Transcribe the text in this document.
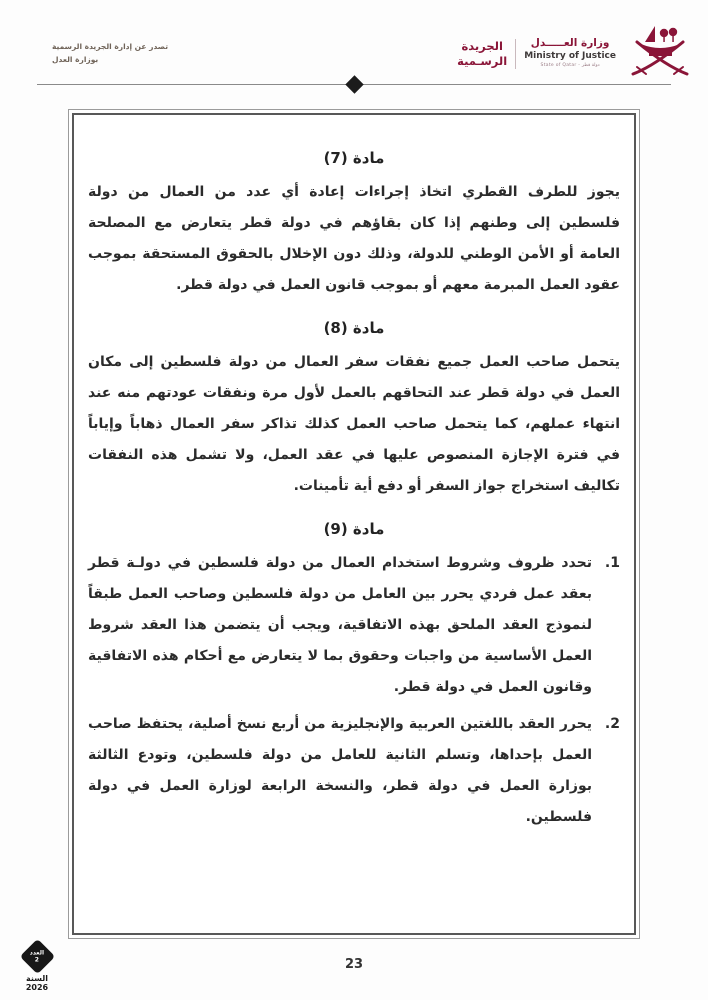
تصدر عن إدارة الجريدة الرسمية
بوزارة العدل
الجريدة
الرسـمية
وزارة العـــــدل
Ministry of Justice
State of Qatar - دولة قطر
مادة (7)
يجوز للطرف القطري اتخاذ إجراءات إعادة أي عدد من العمال من دولة فلسطين إلى وطنهم إذا كان بقاؤهم في دولة قطر يتعارض مع المصلحة العامة أو الأمن الوطني للدولة، وذلك دون الإخلال بالحقوق المستحقة بموجب عقود العمل المبرمة معهم أو بموجب قانون العمل في دولة قطر.
مادة (8)
يتحمل صاحب العمل جميع نفقات سفر العمال من دولة فلسطين إلى مكان العمل في دولة قطر عند التحاقهم بالعمل لأول مرة ونفقات عودتهم منه عند انتهاء عملهم، كما يتحمل صاحب العمل كذلك تذاكر سفر العمال ذهاباً وإياباً في فترة الإجازة المنصوص عليها في عقد العمل، ولا تشمل هذه النفقات تكاليف استخراج جواز السفر أو دفع أية تأمينات.
مادة (9)
1.
تحدد ظروف وشروط استخدام العمال من دولة فلسطين في دولـة قطر بعقد عمل فردي يحرر بين العامل من دولة فلسطين وصاحب العمل طبقاً لنموذج العقد الملحق بهذه الاتفاقية، ويجب أن يتضمن هذا العقد شروط العمل الأساسية من واجبات وحقوق بما لا يتعارض مع أحكام هذه الاتفاقية وقانون العمل في دولة قطر.
2.
يحرر العقد باللغتين العربية والإنجليزية من أربع نسخ أصلية، يحتفظ صاحب العمل بإحداها، وتسلم الثانية للعامل من دولة فلسطين، وتودع الثالثة بوزارة العمل في دولة قطر، والنسخة الرابعة لوزارة العمل في دولة فلسطين.
العدد
2
السنة 2026
23
